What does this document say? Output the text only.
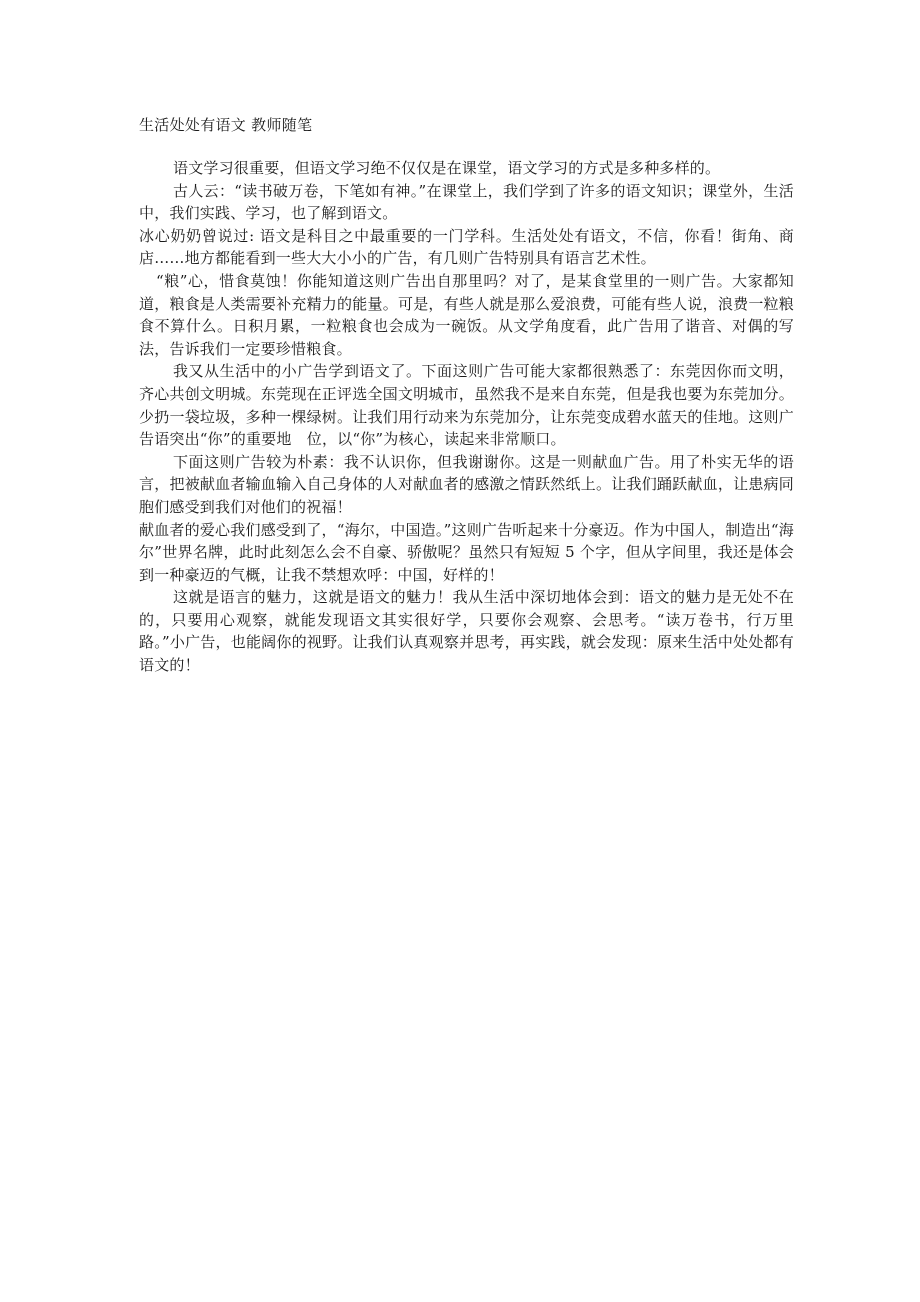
生活处处有语文 教师随笔

语文学习很重要，但语文学习绝不仅仅是在课堂，语文学习的方式是多种多样的。

古人云：“读书破万卷，下笔如有神。”在课堂上，我们学到了许多的语文知识；课堂外，生活中，我们实践、学习，也了解到语文。

冰心奶奶曾说过: 语文是科目之中最重要的一门学科。生活处处有语文，不信，你看！街角、商店……地方都能看到一些大大小小的广告，有几则广告特别具有语言艺术性。

“粮”心，惜食莫蚀！你能知道这则广告出自那里吗？对了，是某食堂里的一则广告。大家都知道，粮食是人类需要补充精力的能量。可是，有些人就是那么爱浪费，可能有些人说，浪费一粒粮食不算什么。日积月累，一粒粮食也会成为一碗饭。从文学角度看，此广告用了谐音、对偶的写法，告诉我们一定要珍惜粮食。

我又从生活中的小广告学到语文了。下面这则广告可能大家都很熟悉了：东莞因你而文明，齐心共创文明城。东莞现在正评选全国文明城市，虽然我不是来自东莞，但是我也要为东莞加分。少扔一袋垃圾，多种一棵绿树。让我们用行动来为东莞加分，让东莞变成碧水蓝天的佳地。这则广告语突出“你”的重要地　位，以“你”为核心，读起来非常顺口。

下面这则广告较为朴素：我不认识你，但我谢谢你。这是一则献血广告。用了朴实无华的语言，把被献血者输血输入自己身体的人对献血者的感激之情跃然纸上。让我们踊跃献血，让患病同胞们感受到我们对他们的祝福！

献血者的爱心我们感受到了，“海尔，中国造。”这则广告听起来十分豪迈。作为中国人，制造出“海尔”世界名牌，此时此刻怎么会不自豪、骄傲呢？虽然只有短短 5 个字，但从字间里，我还是体会到一种豪迈的气概，让我不禁想欢呼：中国，好样的！

这就是语言的魅力，这就是语文的魅力！我从生活中深切地体会到：语文的魅力是无处不在的，只要用心观察，就能发现语文其实很好学，只要你会观察、会思考。“读万卷书，行万里路。”小广告，也能阔你的视野。让我们认真观察并思考，再实践，就会发现：原来生活中处处都有语文的！
